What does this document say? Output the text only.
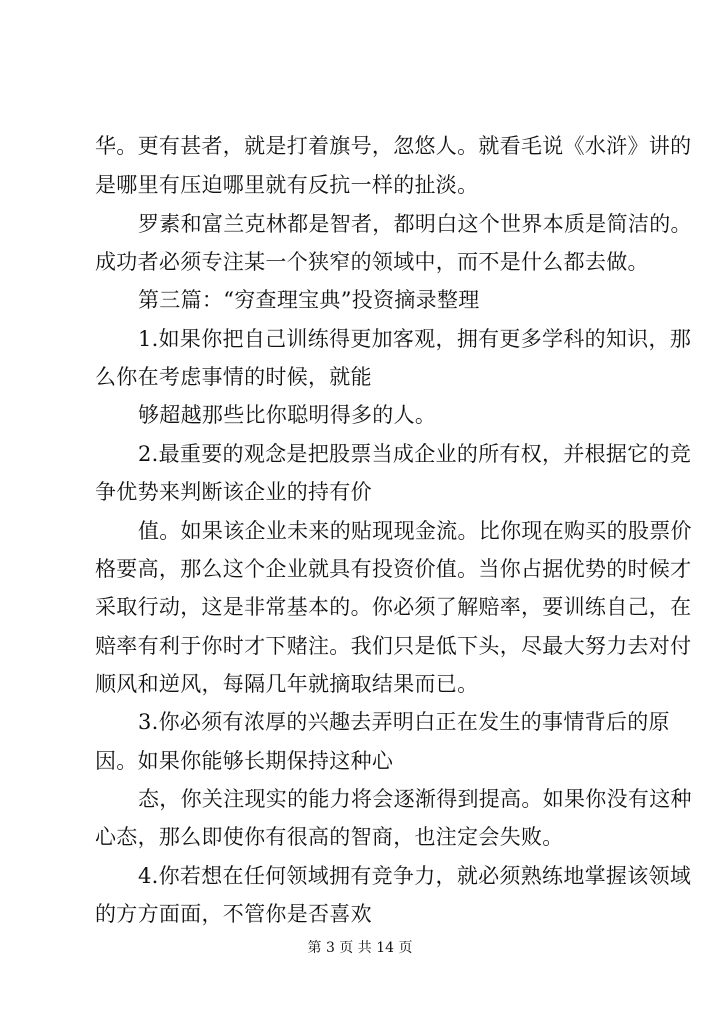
华。更有甚者，就是打着旗号，忽悠人。就看毛说《水浒》讲的
是哪里有压迫哪里就有反抗一样的扯淡。
罗素和富兰克林都是智者，都明白这个世界本质是简洁的。
成功者必须专注某一个狭窄的领域中，而不是什么都去做。
第三篇：“穷查理宝典”投资摘录整理
1.如果你把自己训练得更加客观，拥有更多学科的知识，那
么你在考虑事情的时候，就能
够超越那些比你聪明得多的人。
2.最重要的观念是把股票当成企业的所有权，并根据它的竞
争优势来判断该企业的持有价
值。如果该企业未来的贴现现金流。比你现在购买的股票价
格要高，那么这个企业就具有投资价值。当你占据优势的时候才
采取行动，这是非常基本的。你必须了解赔率，要训练自己，在
赔率有利于你时才下赌注。我们只是低下头，尽最大努力去对付
顺风和逆风，每隔几年就摘取结果而已。
3.你必须有浓厚的兴趣去弄明白正在发生的事情背后的原
因。如果你能够长期保持这种心
态，你关注现实的能力将会逐渐得到提高。如果你没有这种
心态，那么即使你有很高的智商，也注定会失败。
4.你若想在任何领域拥有竞争力，就必须熟练地掌握该领域
的方方面面，不管你是否喜欢
第 3 页 共 14 页
